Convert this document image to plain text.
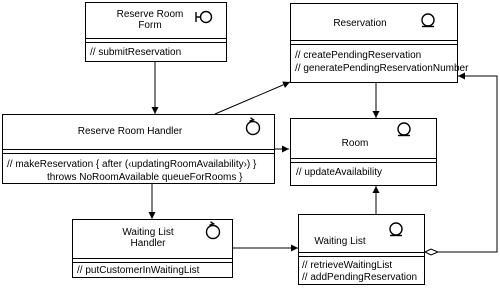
Reserve Room
Form
// submitReservation
Reservation
// createPendingReservation
// generatePendingReservationNumber
Reserve Room Handler
// makeReservation { after (‹updatingRoomAvailability›) }
throws NoRoomAvailable queueForRooms }
Room
// updateAvailability
Waiting List
Handler
// putCustomerInWaitingList
Waiting List
// retrieveWaitingList
// addPendingReservation
